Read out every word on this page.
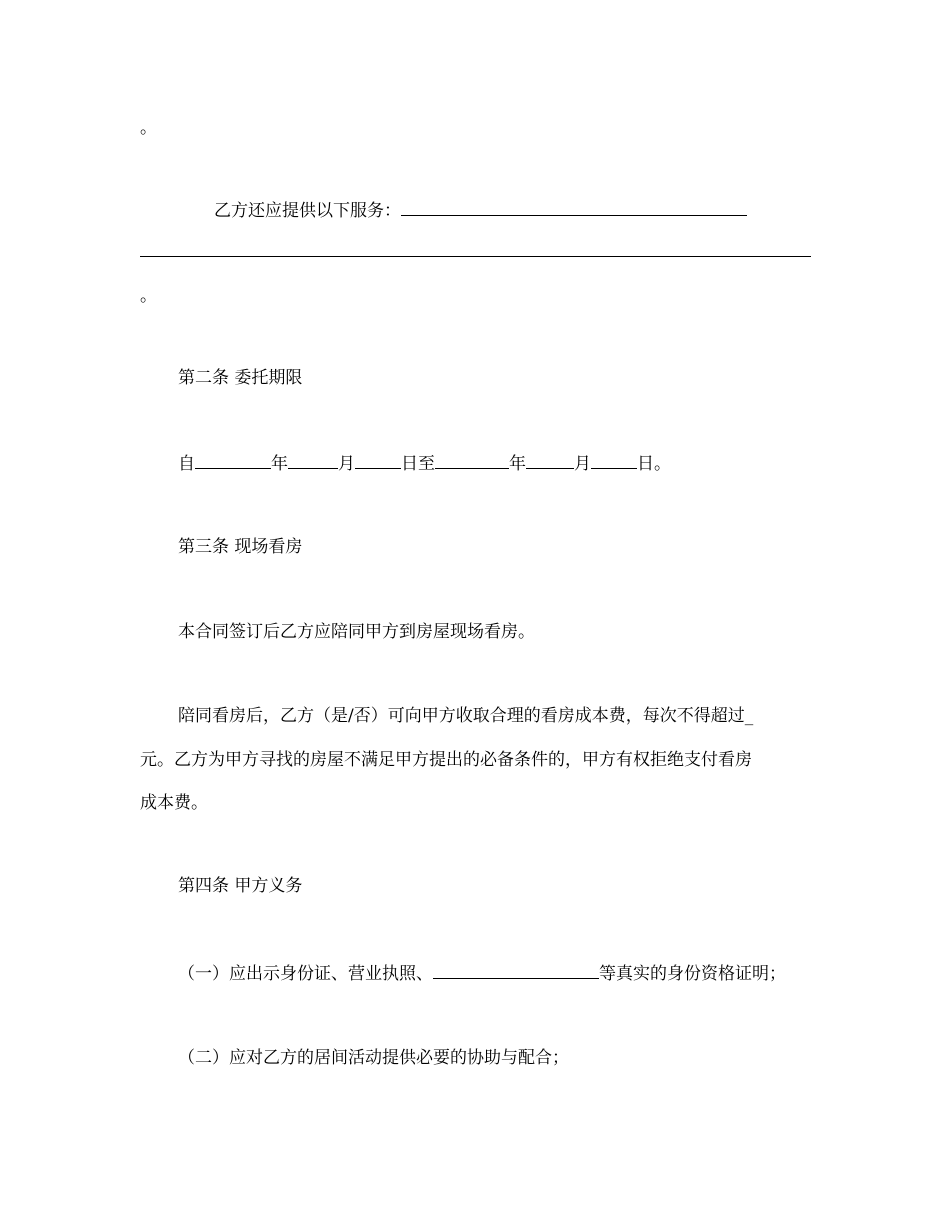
。
乙方还应提供以下服务：
。
第二条 委托期限
自	年	月	日至	年	月	日。
第三条 现场看房
本合同签订后乙方应陪同甲方到房屋现场看房。
陪同看房后，乙方（是/否）可向甲方收取合理的看房成本费，每次不得超过_
元。乙方为甲方寻找的房屋不满足甲方提出的必备条件的，甲方有权拒绝支付看房
成本费。
第四条 甲方义务
（一）应出示身份证、营业执照、	等真实的身份资格证明；
（二）应对乙方的居间活动提供必要的协助与配合；
